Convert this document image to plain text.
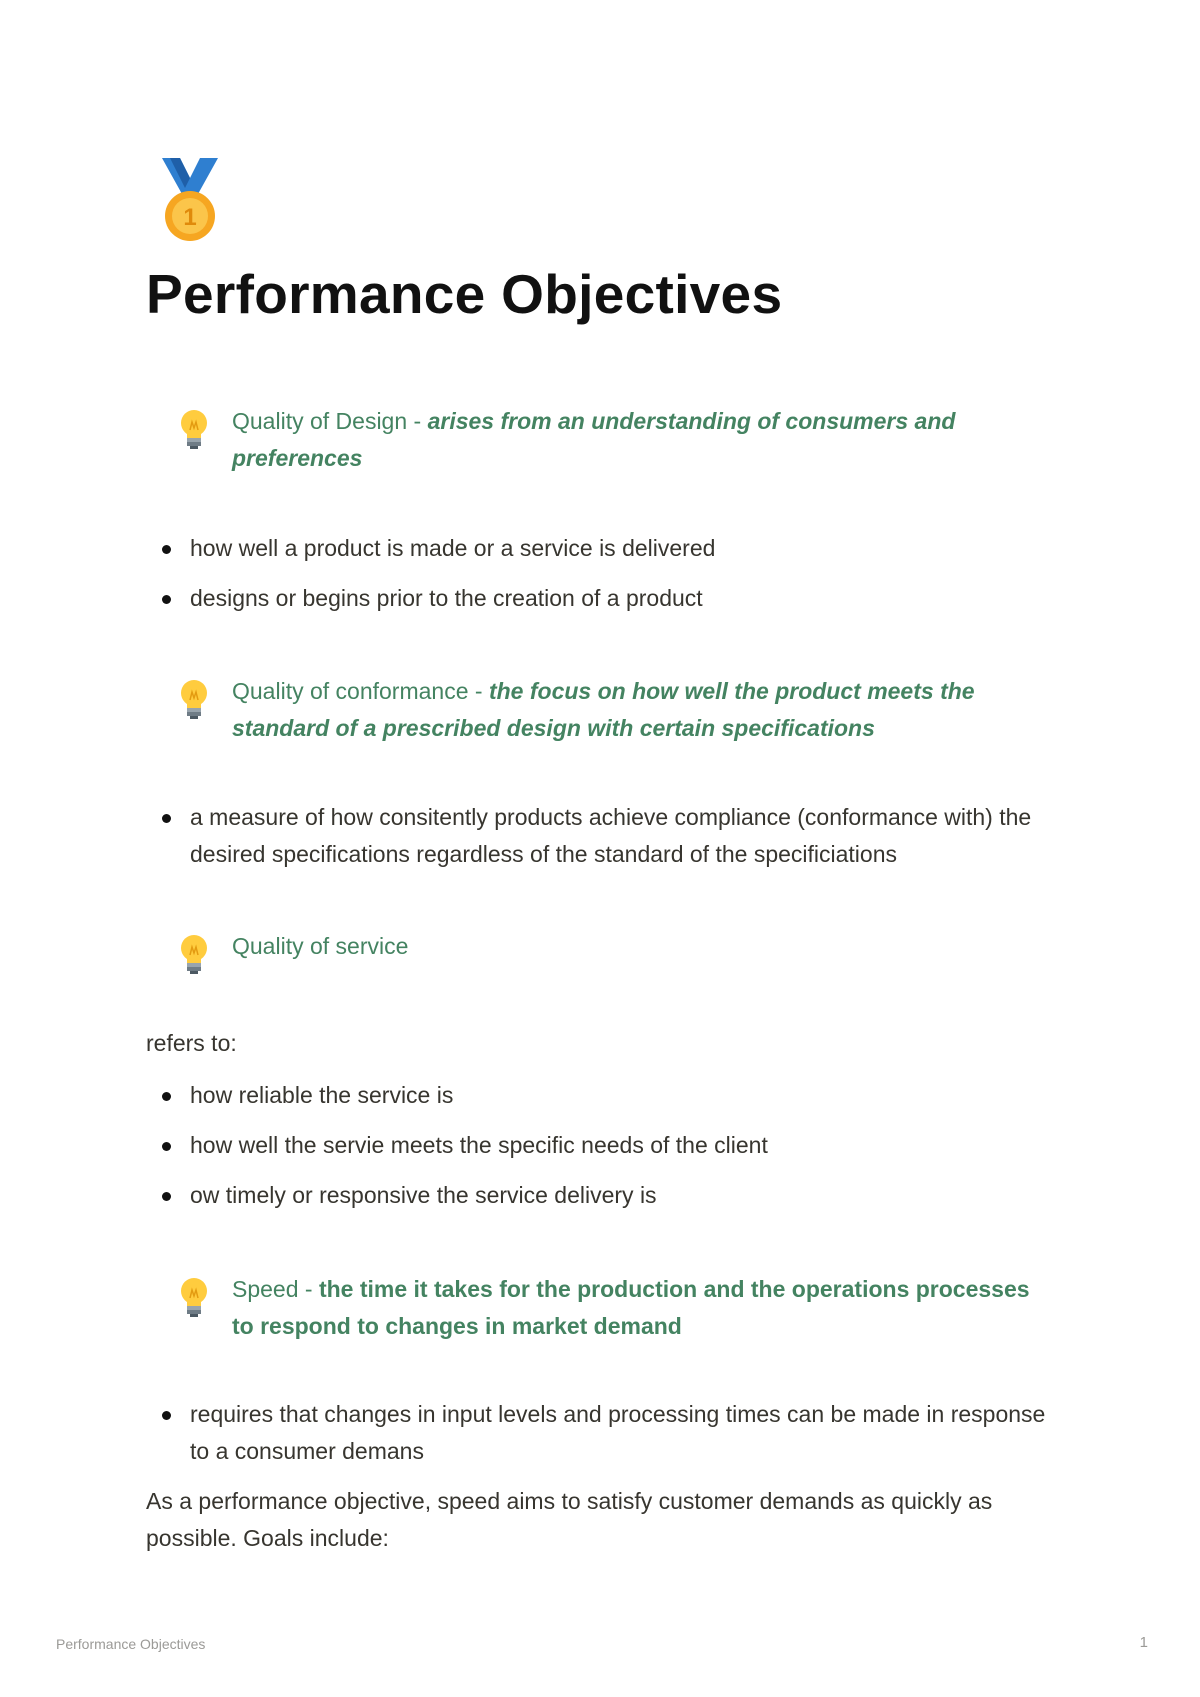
1
Performance Objectives
Quality of Design - arises from an understanding of consumers and preferences
how well a product is made or a service is delivered
designs or begins prior to the creation of a product
Quality of conformance - the focus on how well the product meets the standard of a prescribed design with certain specifications
a measure of how consitently products achieve compliance (conformance with) the desired specifications regardless of the standard of the specificiations
Quality of service

refers to:

how reliable the service is
how well the servie meets the specific needs of the client
ow timely or responsive the service delivery is
Speed - the time it takes for the production and the operations processes to respond to changes in market demand
requires that changes in input levels and processing times can be made in response to a consumer demans

As a performance objective, speed aims to satisfy customer demands as quickly as possible. Goals include:

Performance Objectives	1
